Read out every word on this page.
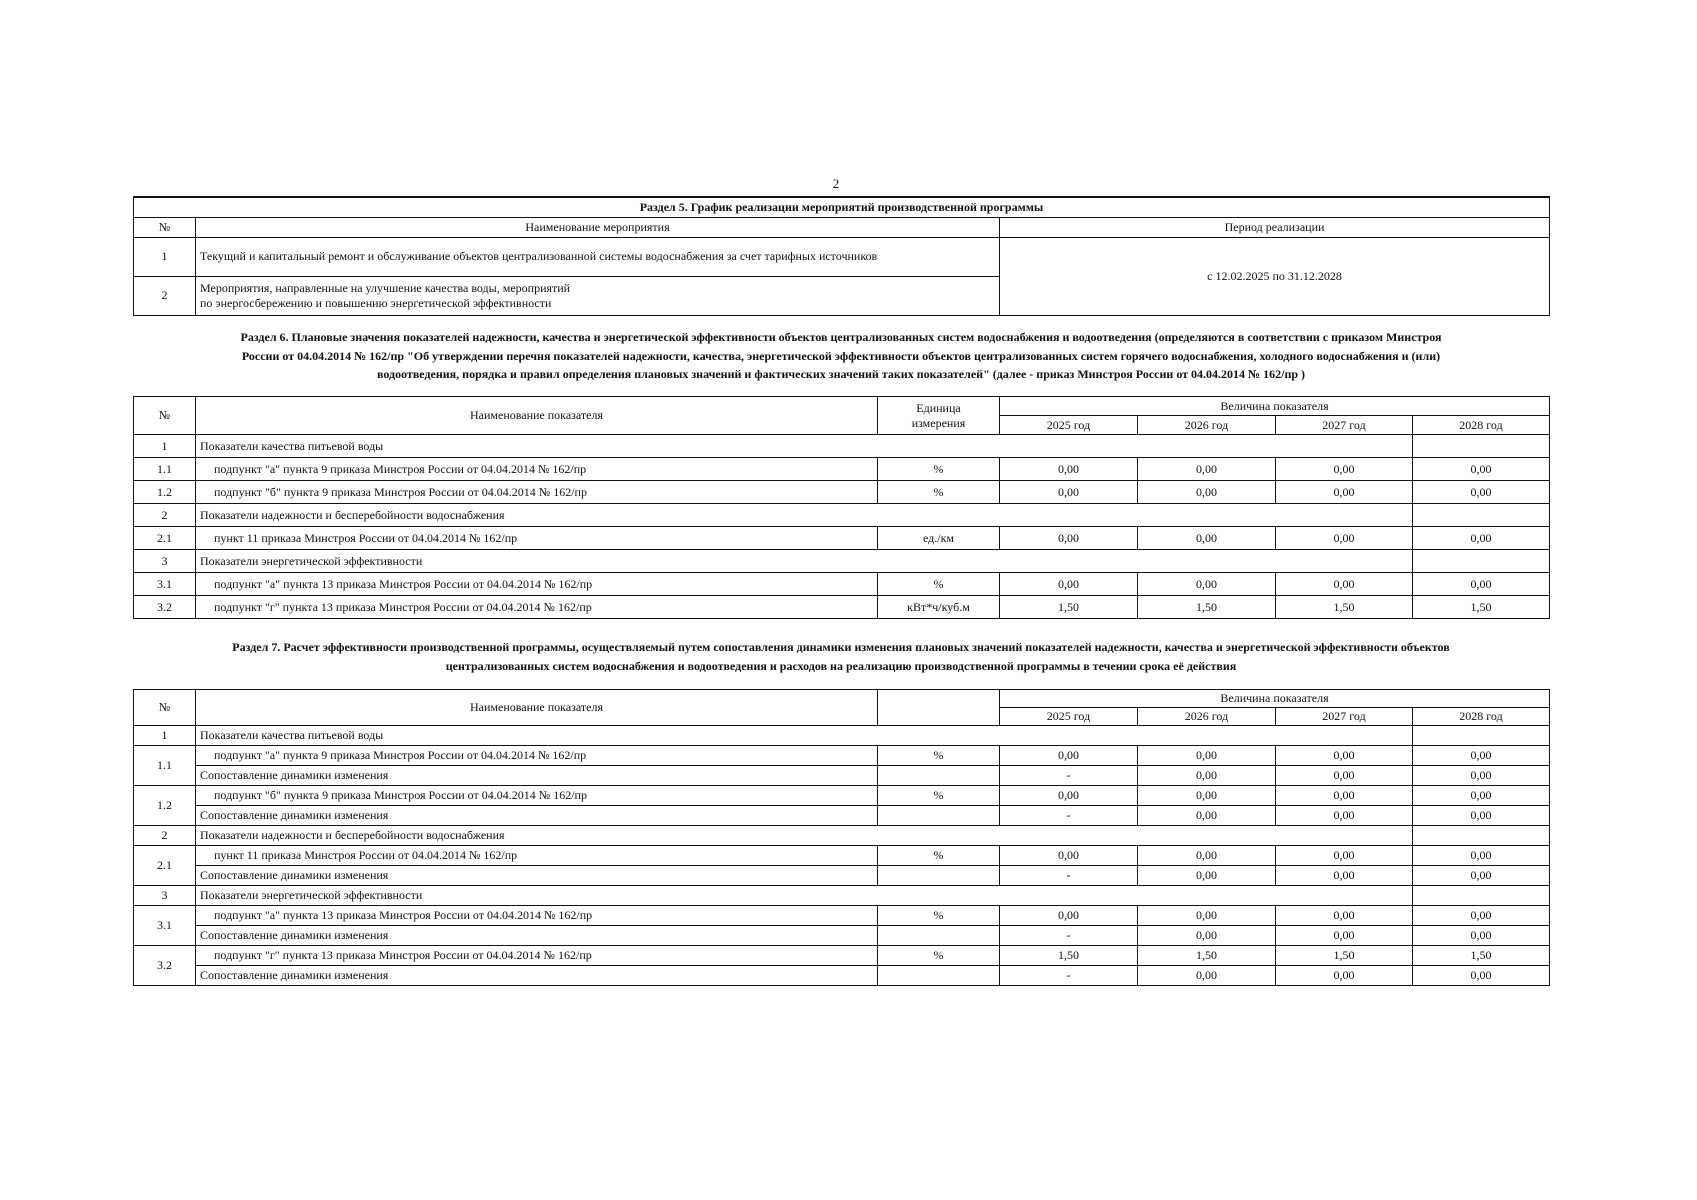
2
Раздел 5. График реализации мероприятий производственной программы		
№	Наименование мероприятия	Период реализации
1	Текущий и капитальный ремонт и обслуживание объектов централизованной системы водоснабжения за счет тарифных источников	с 12.02.2025 по 31.12.2028
2	Мероприятия, направленные на улучшение качества воды, мероприятий
по энергосбережению и повышению энергетической эффективности	
Раздел 6. Плановые значения показателей надежности, качества и энергетической эффективности объектов централизованных систем водоснабжения и водоотведения (определяются в соответствии с приказом Минстроя
России от 04.04.2014 № 162/пр "Об утверждении перечня показателей надежности, качества, энергетической эффективности объектов централизованных систем горячего водоснабжения, холодного водоснабжения и (или)
водоотведения, порядка и правил определения плановых значений и фактических значений таких показателей" (далее - приказ Минстроя России от 04.04.2014 № 162/пр )
№	Наименование показателя	Единица
измерения	Величина показателя			
			2025 год	2026 год	2027 год	2028 год
1	Показатели качества питьевой воды					
1.1	подпункт "а" пункта 9 приказа Минстроя России от 04.04.2014 № 162/пр	%	0,00	0,00	0,00	0,00
1.2	подпункт "б" пункта 9 приказа Минстроя России от 04.04.2014 № 162/пр	%	0,00	0,00	0,00	0,00
2	Показатели надежности и бесперебойности водоснабжения					
2.1	пункт 11 приказа Минстроя России от 04.04.2014 № 162/пр	ед./км	0,00	0,00	0,00	0,00
3	Показатели энергетической эффективности					
3.1	подпункт "а" пункта 13 приказа Минстроя России от 04.04.2014 № 162/пр	%	0,00	0,00	0,00	0,00
3.2	подпункт "г" пункта 13 приказа Минстроя России от 04.04.2014 № 162/пр	кВт*ч/куб.м	1,50	1,50	1,50	1,50
Раздел 7. Расчет эффективности производственной программы, осуществляемый путем сопоставления динамики изменения плановых значений показателей надежности, качества и энергетической эффективности объектов
централизованных систем водоснабжения и водоотведения и расходов на реализацию производственной программы в течении срока её действия
№	Наименование показателя		Величина показателя			
			2025 год	2026 год	2027 год	2028 год
1	Показатели качества питьевой воды					
1.1	подпункт "а" пункта 9 приказа Минстроя России от 04.04.2014 № 162/пр	%	0,00	0,00	0,00	0,00
	Сопоставление динамики изменения		-	0,00	0,00	0,00
1.2	подпункт "б" пункта 9 приказа Минстроя России от 04.04.2014 № 162/пр	%	0,00	0,00	0,00	0,00
	Сопоставление динамики изменения		-	0,00	0,00	0,00
2	Показатели надежности и бесперебойности водоснабжения					
2.1	пункт 11 приказа Минстроя России от 04.04.2014 № 162/пр	%	0,00	0,00	0,00	0,00
	Сопоставление динамики изменения		-	0,00	0,00	0,00
3	Показатели энергетической эффективности					
3.1	подпункт "а" пункта 13 приказа Минстроя России от 04.04.2014 № 162/пр	%	0,00	0,00	0,00	0,00
	Сопоставление динамики изменения		-	0,00	0,00	0,00
3.2	подпункт "г" пункта 13 приказа Минстроя России от 04.04.2014 № 162/пр	%	1,50	1,50	1,50	1,50
	Сопоставление динамики изменения		-	0,00	0,00	0,00
